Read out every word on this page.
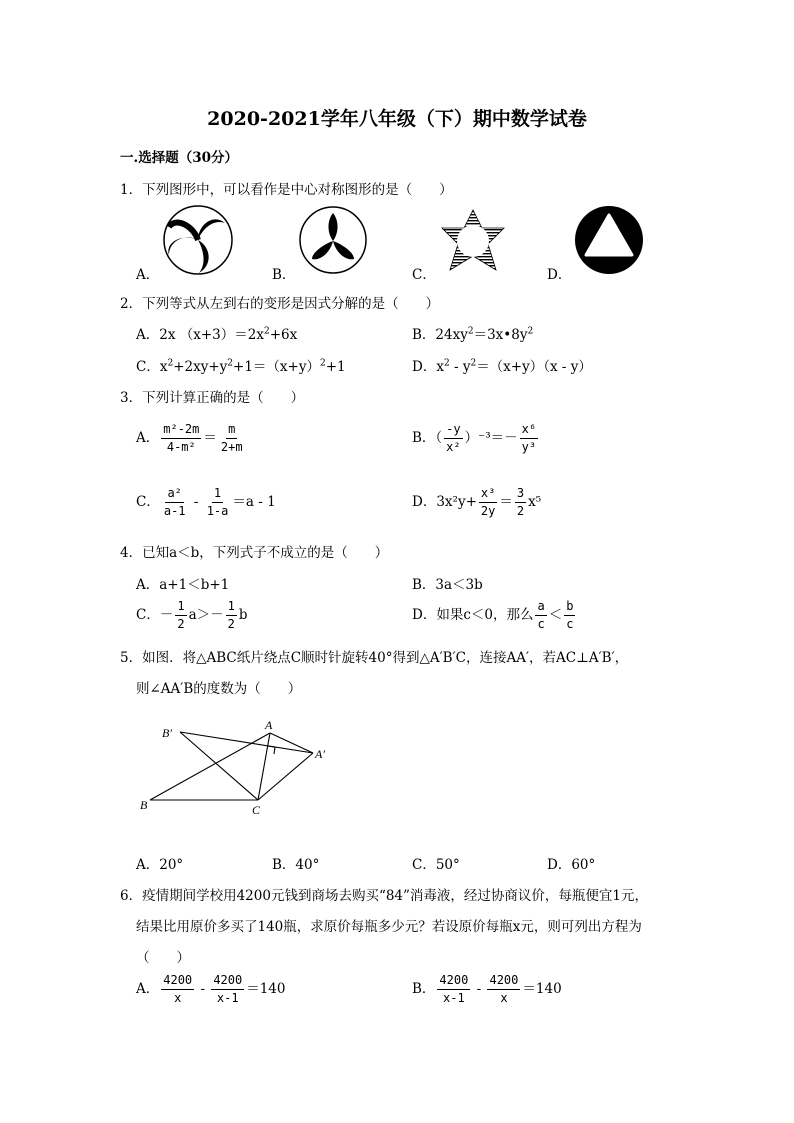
2020-2021学年八年级（下）期中数学试卷
一.选择题（30分）
1．下列图形中，可以看作是中心对称图形的是（　　）
A．	B．	C．	D．
2．下列等式从左到右的变形是因式分解的是（　　）
A．2x $(x+3)=2x^2+6x$	B．$24xy^2=3x•8y^2$
C．$x^2+2xy+y^2+1=(x+y)^2+1$	D．$x^2 - y^2=(x+y)(x - y)$
3．下列计算正确的是（　　）
A． $\frac{\text{m²-2m}}{\text{4-m²}} = \frac{m}{2+m}$	B．（ $\frac{-y}{\text{x²}} )^{-3}=- \frac{\text{x⁶}}{\text{y³}}$
C． $\frac{\text{a²}}{a-1} - \frac{1}{1-a} =a - 1$	D．$3x^2y+ \frac{\text{x³}}{2y} = \frac{3}{2} x^5$
4．已知a＜b，下列式子不成立的是（　　）
A．a+1＜b+1	B．3a＜3b
C．－ $\frac{1}{2} a>- \frac{1}{2}$ b	D．如果c＜0，那么 $\frac{a}{c} < \frac{b}{c}$
5．如图．将△ABC纸片绕点C顺时针旋转40°得到△A′B′C，连接AA′，若AC⊥A′B′，
则∠AA′B的度数为（　　）
B′
A
A′
B	C
A．20°	B．40°	C．50°	D．60°
6．疫情期间学校用4200元钱到商场去购买“84”消毒液，经过协商议价，每瓶便宜1元，
结果比用原价多买了140瓶，求原价每瓶多少元？若设原价每瓶x元，则可列出方程为
（　　）
A． $\frac{4200}{x} - \frac{4200}{x-1} =140$	B． $\frac{4200}{x-1} - \frac{4200}{x} =140$
